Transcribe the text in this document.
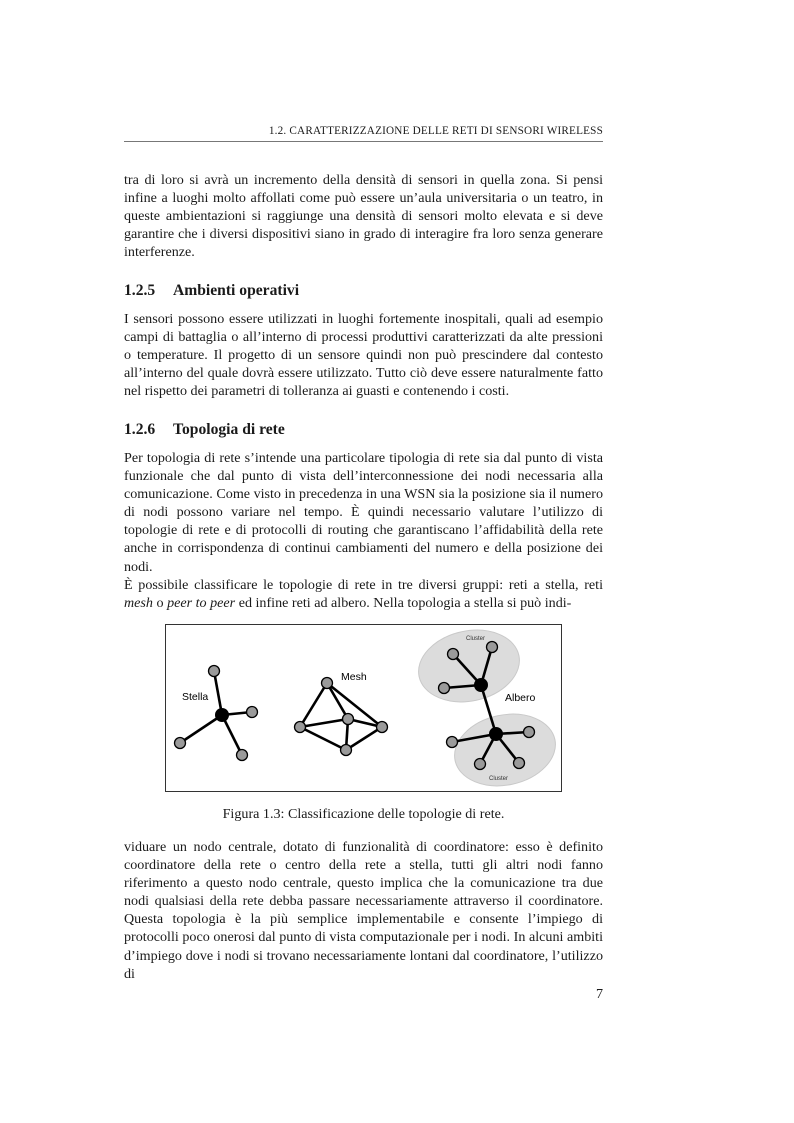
1.2. CARATTERIZZAZIONE DELLE RETI DI SENSORI WIRELESS

tra di loro si avrà un incremento della densità di sensori in quella zona. Si pensi infine a luoghi molto affollati come può essere un’aula universitaria o un teatro, in queste ambientazioni si raggiunge una densità di sensori molto elevata e si deve garantire che i diversi dispositivi siano in grado di interagire fra loro senza generare interferenze.

1.2.5 Ambienti operativi

I sensori possono essere utilizzati in luoghi fortemente inospitali, quali ad esempio campi di battaglia o all’interno di processi produttivi caratterizzati da alte pressioni o temperature. Il progetto di un sensore quindi non può prescindere dal contesto all’interno del quale dovrà essere utilizzato. Tutto ciò deve essere naturalmente fatto nel rispetto dei parametri di tolleranza ai guasti e contenendo i costi.

1.2.6 Topologia di rete

Per topologia di rete s’intende una particolare tipologia di rete sia dal punto di vista funzionale che dal punto di vista dell’interconnessione dei nodi necessaria alla comunicazione. Come visto in precedenza in una WSN sia la posizione sia il numero di nodi possono variare nel tempo. È quindi necessario valutare l’utilizzo di topologie di rete e di protocolli di routing che garantiscano l’affidabilità della rete anche in corrispondenza di continui cambiamenti del numero e della posizione dei nodi.

È possibile classificare le topologie di rete in tre diversi gruppi: reti a stella, reti mesh o peer to peer ed infine reti ad albero. Nella topologia a stella si può indi-

Stella
Mesh
Cluster
Cluster
Albero
Figura 1.3: Classificazione delle topologie di rete.

viduare un nodo centrale, dotato di funzionalità di coordinatore: esso è definito coordinatore della rete o centro della rete a stella, tutti gli altri nodi fanno riferimento a questo nodo centrale, questo implica che la comunicazione tra due nodi qualsiasi della rete debba passare necessariamente attraverso il coordinatore. Questa topologia è la più semplice implementabile e consente l’impiego di protocolli poco onerosi dal punto di vista computazionale per i nodi. In alcuni ambiti d’impiego dove i nodi si trovano necessariamente lontani dal coordinatore, l’utilizzo di

7
